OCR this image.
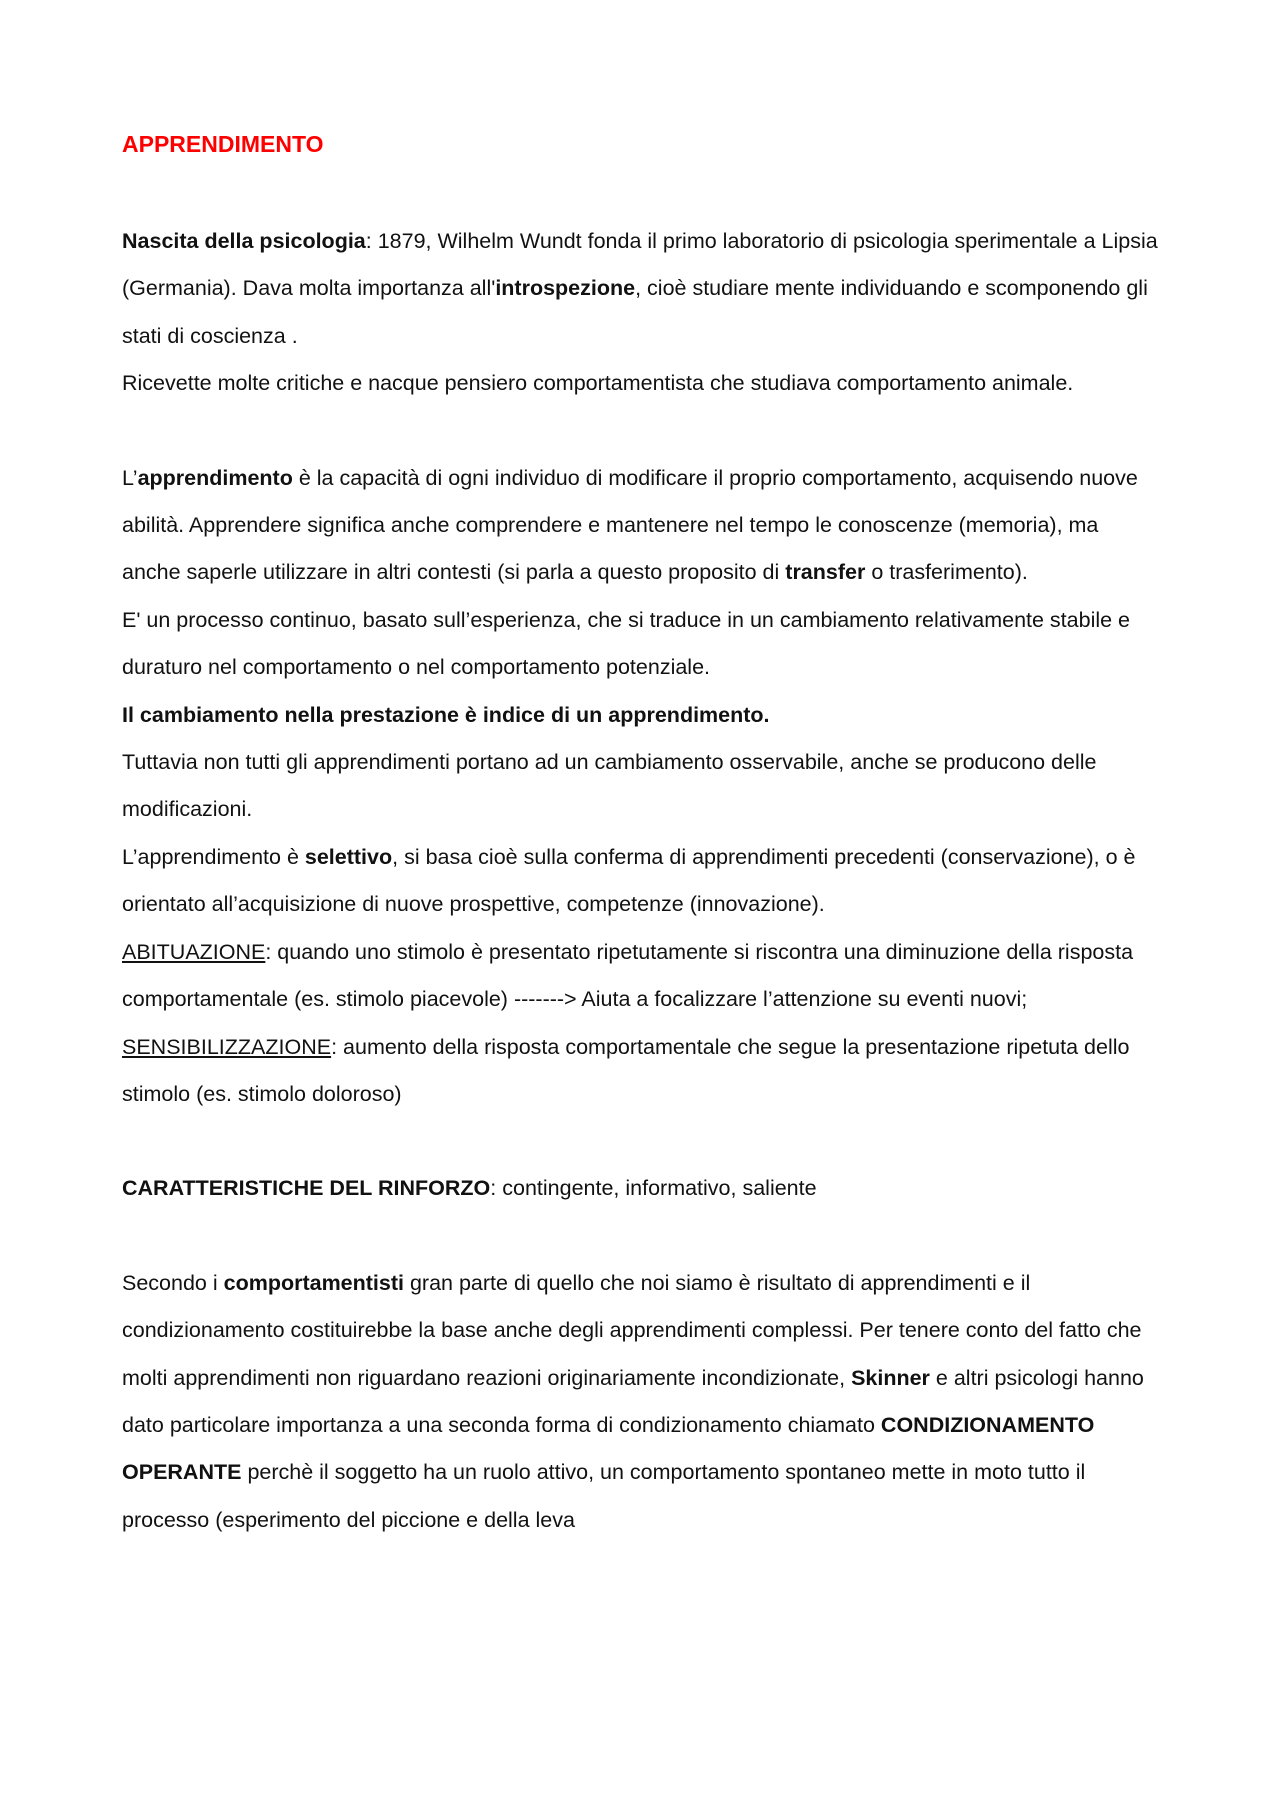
APPRENDIMENTO

Nascita della psicologia: 1879, Wilhelm Wundt fonda il primo laboratorio di psicologia sperimentale a Lipsia (Germania). Dava molta importanza all'introspezione, cioè studiare mente individuando e scomponendo gli stati di coscienza .

Ricevette molte critiche e nacque pensiero comportamentista che studiava comportamento animale.

L’apprendimento è la capacità di ogni individuo di modificare il proprio comportamento, acquisendo nuove abilità. Apprendere significa anche comprendere e mantenere nel tempo le conoscenze (memoria), ma anche saperle utilizzare in altri contesti (si parla a questo proposito di transfer o trasferimento).

E' un processo continuo, basato sull’esperienza, che si traduce in un cambiamento relativamente stabile e duraturo nel comportamento o nel comportamento potenziale.

Il cambiamento nella prestazione è indice di un apprendimento.

Tuttavia non tutti gli apprendimenti portano ad un cambiamento osservabile, anche se producono delle modificazioni.

L’apprendimento è selettivo, si basa cioè sulla conferma di apprendimenti precedenti (conservazione), o è orientato all’acquisizione di nuove prospettive, competenze (innovazione).

ABITUAZIONE: quando uno stimolo è presentato ripetutamente si riscontra una diminuzione della risposta comportamentale (es. stimolo piacevole) -------> Aiuta a focalizzare l’attenzione su eventi nuovi;

SENSIBILIZZAZIONE: aumento della risposta comportamentale che segue la presentazione ripetuta dello stimolo (es. stimolo doloroso)

CARATTERISTICHE DEL RINFORZO: contingente, informativo, saliente

Secondo i comportamentisti gran parte di quello che noi siamo è risultato di apprendimenti e il condizionamento costituirebbe la base anche degli apprendimenti complessi. Per tenere conto del fatto che molti apprendimenti non riguardano reazioni originariamente incondizionate, Skinner e altri psicologi hanno dato particolare importanza a una seconda forma di condizionamento chiamato CONDIZIONAMENTO OPERANTE perchè il soggetto ha un ruolo attivo, un comportamento spontaneo mette in moto tutto il processo (esperimento del piccione e della leva
